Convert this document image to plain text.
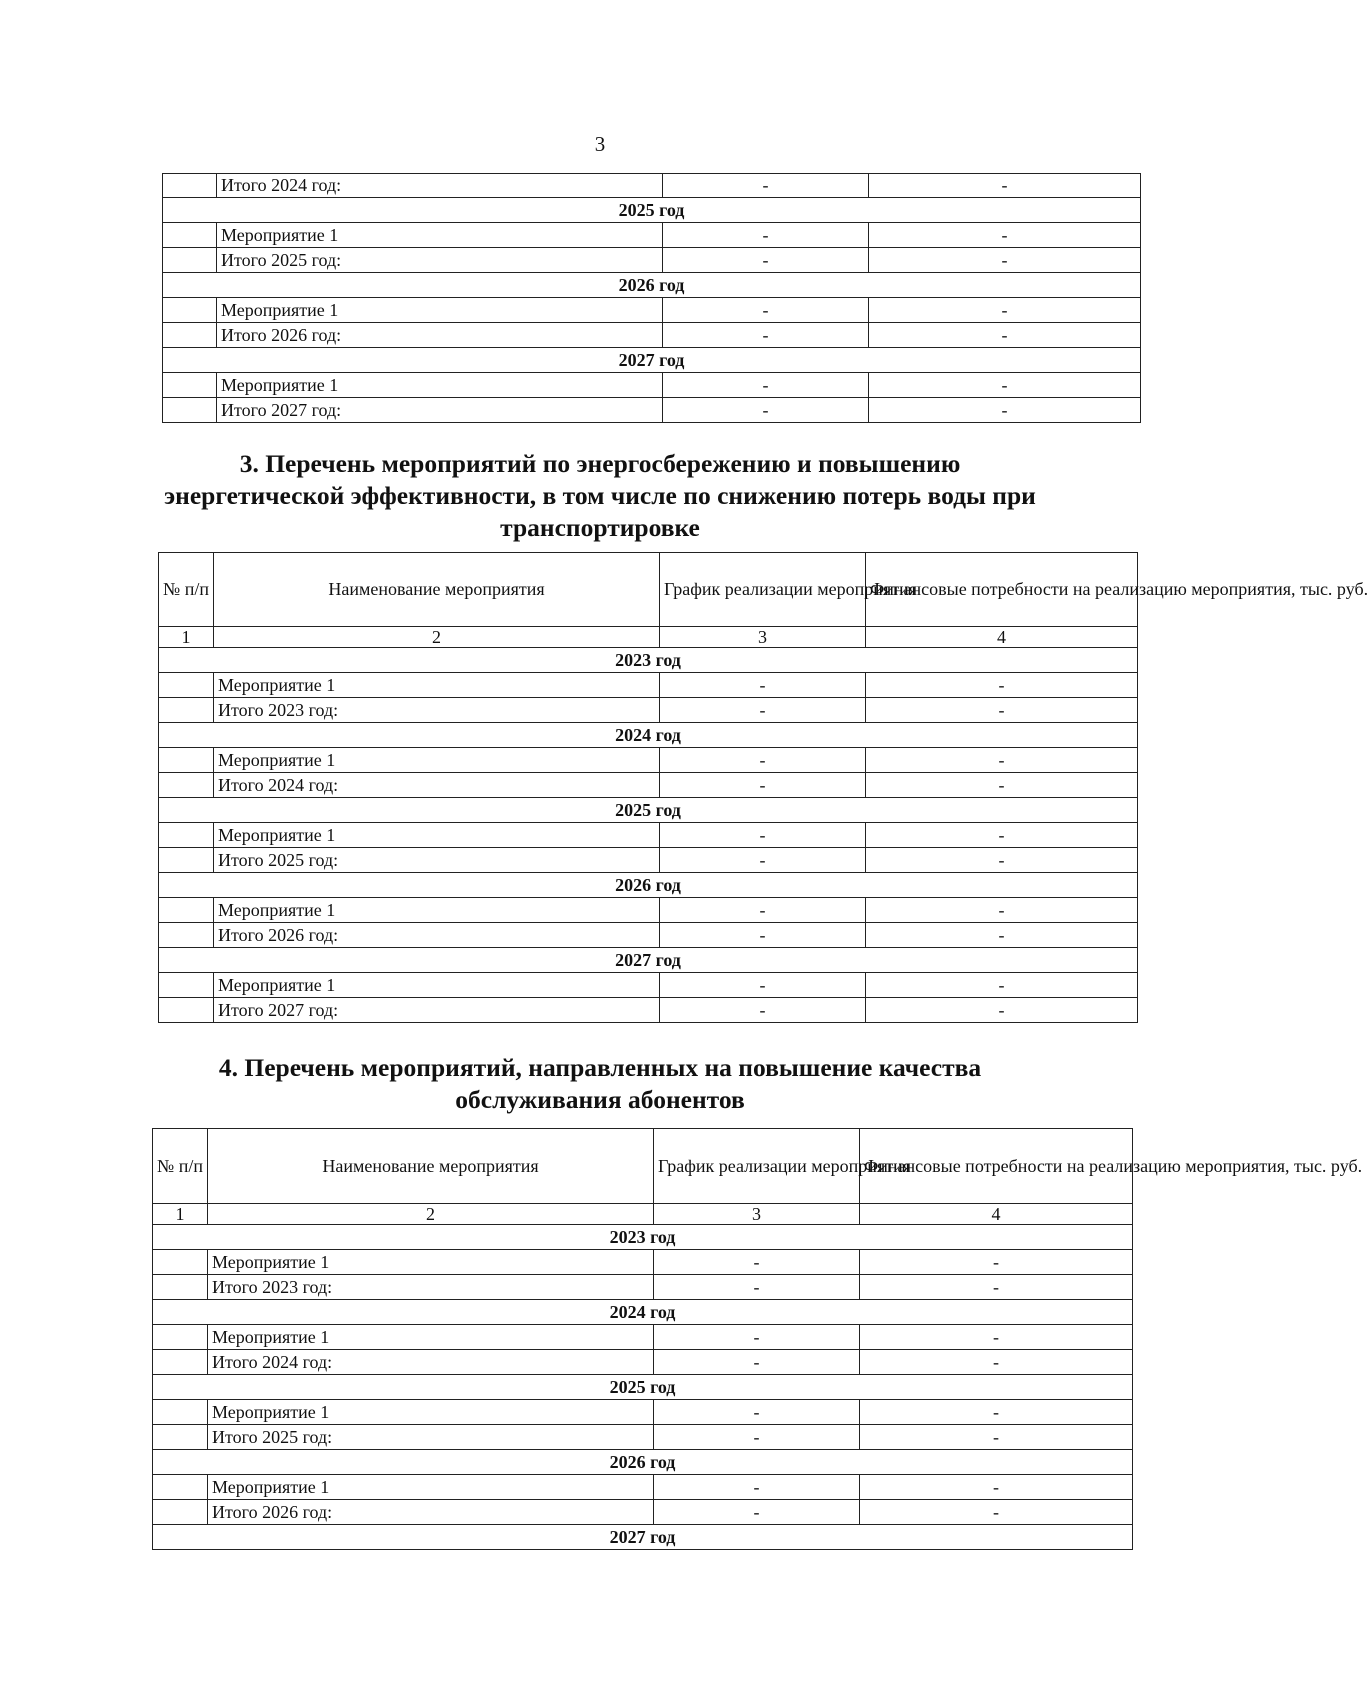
3
	Итого 2024 год:	-	-
2025 год			
	Мероприятие 1	-	-
	Итого 2025 год:	-	-
2026 год			
	Мероприятие 1	-	-
	Итого 2026 год:	-	-
2027 год			
	Мероприятие 1	-	-
	Итого 2027 год:	-	-
3. Перечень мероприятий по энергосбережению и повышению
энергетической эффективности, в том числе по снижению потерь воды при
транспортировке
№ п/п	Наименование мероприятия	График реализации мероприятия	Финансовые потребности на реализацию мероприятия, тыс. руб.
1	2	3	4
2023 год			
	Мероприятие 1	-	-
	Итого 2023 год:	-	-
2024 год			
	Мероприятие 1	-	-
	Итого 2024 год:	-	-
2025 год			
	Мероприятие 1	-	-
	Итого 2025 год:	-	-
2026 год			
	Мероприятие 1	-	-
	Итого 2026 год:	-	-
2027 год			
	Мероприятие 1	-	-
	Итого 2027 год:	-	-
4. Перечень мероприятий, направленных на повышение качества
обслуживания абонентов
№ п/п	Наименование мероприятия	График реализации мероприятия	Финансовые потребности на реализацию мероприятия, тыс. руб.
1	2	3	4
2023 год			
	Мероприятие 1	-	-
	Итого 2023 год:	-	-
2024 год			
	Мероприятие 1	-	-
	Итого 2024 год:	-	-
2025 год			
	Мероприятие 1	-	-
	Итого 2025 год:	-	-
2026 год			
	Мероприятие 1	-	-
	Итого 2026 год:	-	-
2027 год			
